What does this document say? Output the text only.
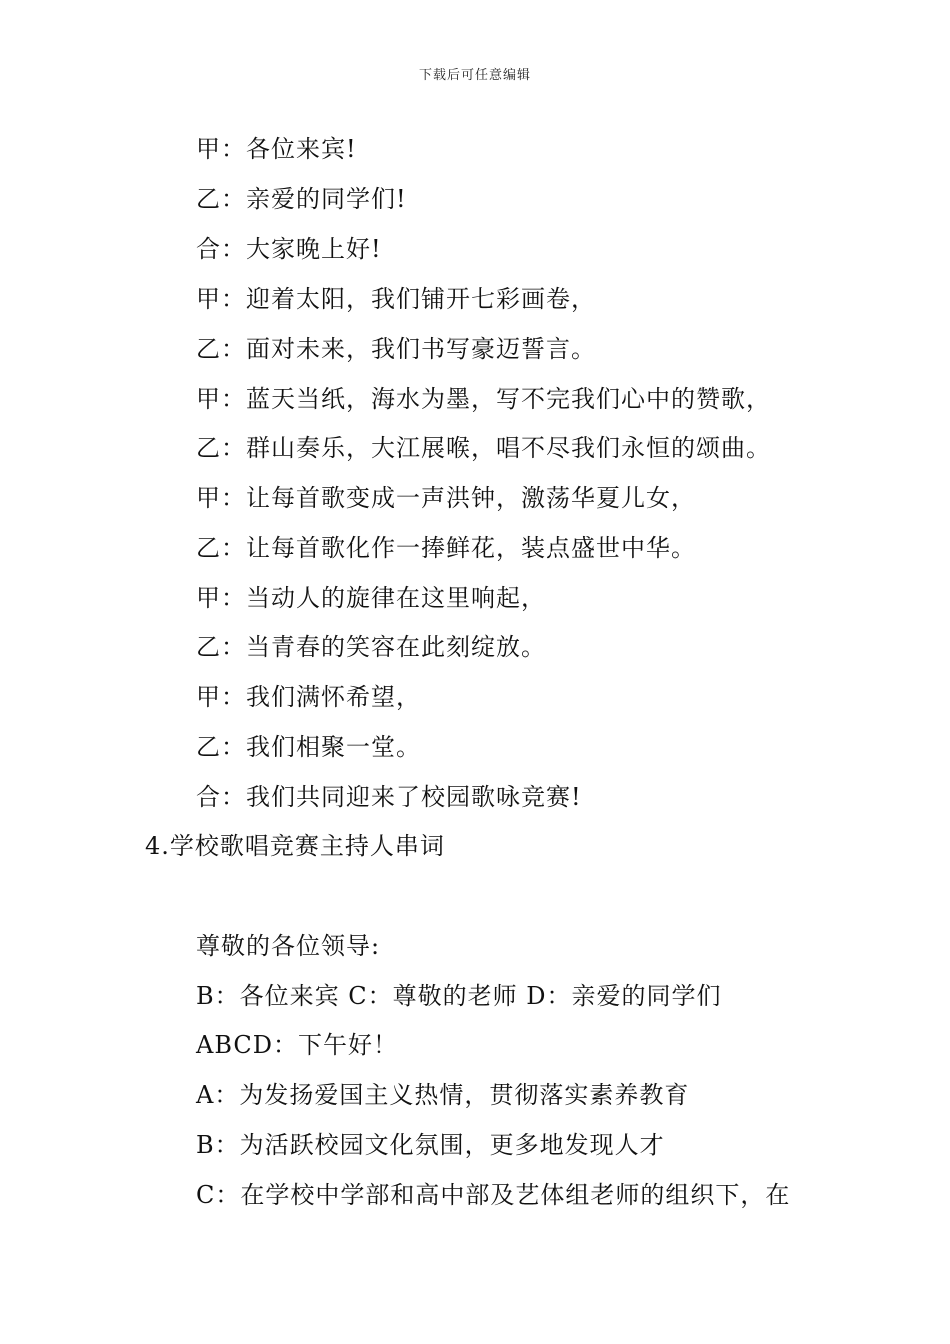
下载后可任意编辑
甲：各位来宾!
乙：亲爱的同学们!
合：大家晚上好!
甲：迎着太阳，我们铺开七彩画卷，
乙：面对未来，我们书写豪迈誓言。
甲：蓝天当纸，海水为墨，写不完我们心中的赞歌，
乙：群山奏乐，大江展喉，唱不尽我们永恒的颂曲。
甲：让每首歌变成一声洪钟，激荡华夏儿女，
乙：让每首歌化作一捧鲜花，装点盛世中华。
甲：当动人的旋律在这里响起，
乙：当青春的笑容在此刻绽放。
甲：我们满怀希望，
乙：我们相聚一堂。
合：我们共同迎来了校园歌咏竞赛!
4.学校歌唱竞赛主持人串词
尊敬的各位领导:
B：各位来宾 C：尊敬的老师 D：亲爱的同学们
ABCD：下午好！
A：为发扬爱国主义热情，贯彻落实素养教育
B：为活跃校园文化氛围，更多地发现人才
C：在学校中学部和高中部及艺体组老师的组织下，在
